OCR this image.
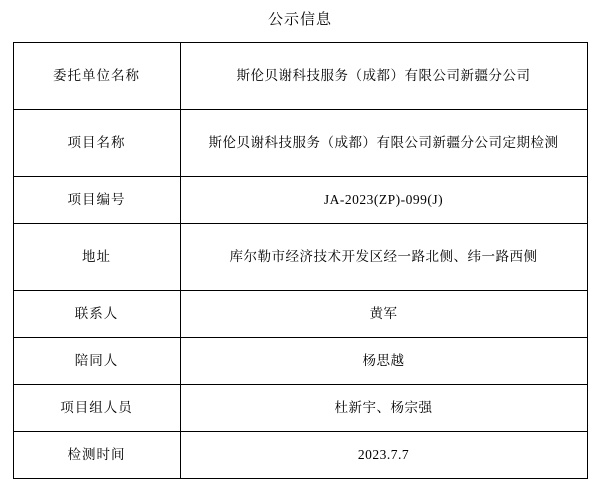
公示信息
委托单位名称	斯伦贝谢科技服务（成都）有限公司新疆分公司
项目名称	斯伦贝谢科技服务（成都）有限公司新疆分公司定期检测
项目编号	JA-2023(ZP)-099(J)
地址	库尔勒市经济技术开发区经一路北侧、纬一路西侧
联系人	黄军
陪同人	杨思越
项目组人员	杜新宇、杨宗强
检测时间	2023.7.7
